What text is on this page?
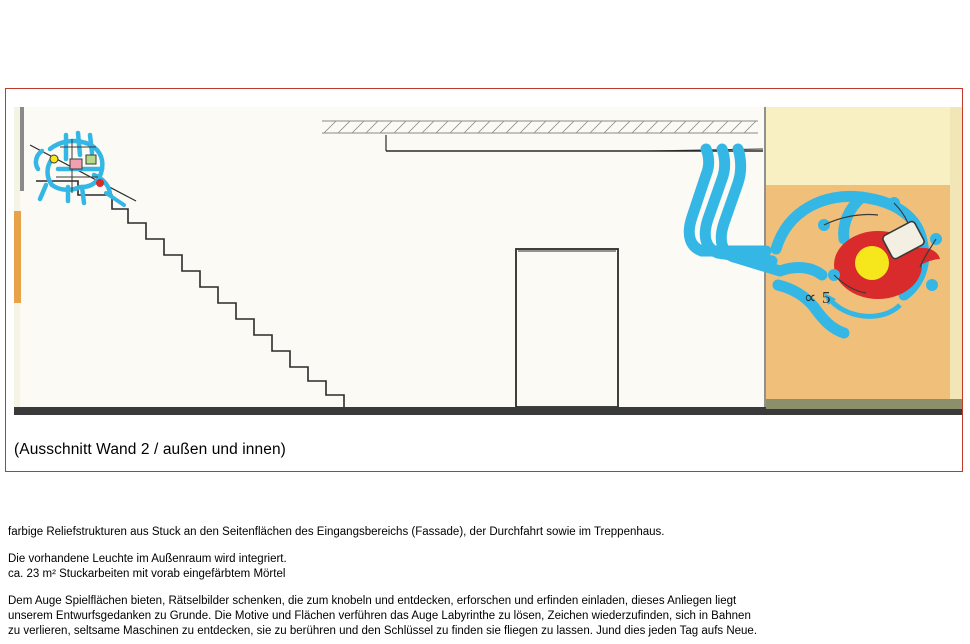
∝ 5
(Ausschnitt Wand 2 / außen und innen)

farbige Reliefstrukturen aus Stuck an den Seitenflächen des Eingangsbereichs (Fassade), der Durchfahrt sowie im Treppenhaus.

Die vorhandene Leuchte im Außenraum wird integriert.
ca. 23 m² Stuckarbeiten mit vorab eingefärbtem Mörtel

Dem Auge Spielflächen bieten, Rätselbilder schenken, die zum knobeln und entdecken, erforschen und erfinden einladen, dieses Anliegen liegt
unserem Entwurfsgedanken zu Grunde. Die Motive und Flächen verführen das Auge Labyrinthe zu lösen, Zeichen wiederzufinden, sich in Bahnen
zu verlieren, seltsame Maschinen zu entdecken, sie zu berühren und den Schlüssel zu finden sie fliegen zu lassen. Jund dies jeden Tag aufs Neue.
